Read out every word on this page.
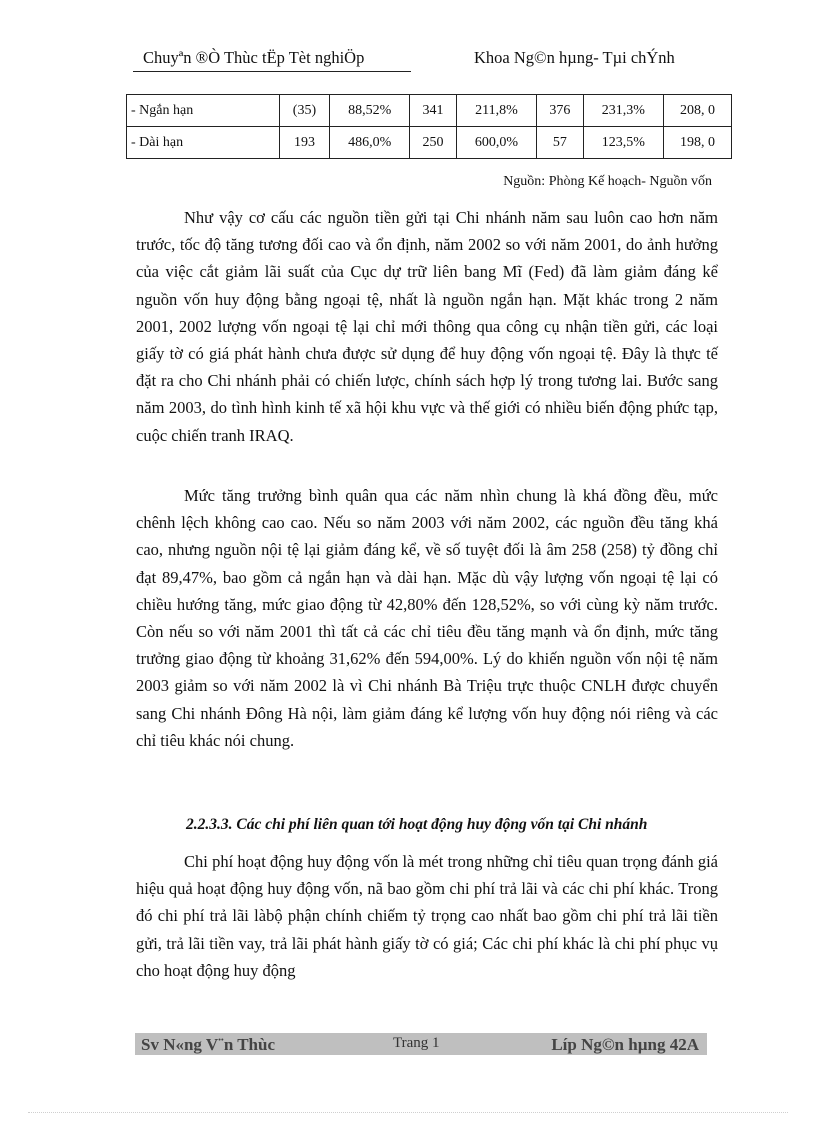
Chuyªn ®Ò Thùc tËp Tèt nghiÖp	Khoa Ng©n hµng- Tµi chÝnh
- Ngắn hạn	(35)	88,52%	341	211,8%	376	231,3%	208, 0
- Dài hạn	193	486,0%	250	600,0%	57	123,5%	198, 0
Nguồn: Phòng Kế hoạch- Nguồn vốn

Như vậy cơ cấu các nguồn tiền gửi tại Chi nhánh năm sau luôn cao hơn năm trước, tốc độ tăng tương đối cao và ổn định, năm 2002 so với năm 2001, do ảnh hưởng của việc cắt giảm lãi suất của Cục dự trữ liên bang Mĩ (Fed) đã làm giảm đáng kể nguồn vốn huy động bằng ngoại tệ, nhất là nguồn ngắn hạn. Mặt khác trong 2 năm 2001, 2002 lượng vốn ngoại tệ lại chỉ mới thông qua công cụ nhận tiền gửi, các loại giấy tờ có giá phát hành chưa được sử dụng để huy động vốn ngoại tệ. Đây là thực tế đặt ra cho Chi nhánh phải có chiến lược, chính sách hợp lý trong tương lai. Bước sang năm 2003, do tình hình kinh tế xã hội khu vực và thế giới có nhiều biến động phức tạp, cuộc chiến tranh IRAQ.

Mức tăng trưởng bình quân qua các năm nhìn chung là khá đồng đều, mức chênh lệch không cao cao. Nếu so năm 2003 với năm 2002, các nguồn đều tăng khá cao, nhưng nguồn nội tệ lại giảm đáng kể, về số tuyệt đối là âm 258 (258) tỷ đồng chỉ đạt 89,47%, bao gồm cả ngắn hạn và dài hạn. Mặc dù vậy lượng vốn ngoại tệ lại có chiều hướng tăng, mức giao động từ 42,80% đến 128,52%, so với cùng kỳ năm trước. Còn nếu so với năm 2001 thì tất cả các chỉ tiêu đều tăng mạnh và ổn định, mức tăng trưởng giao động từ khoảng 31,62% đến 594,00%. Lý do khiến nguồn vốn nội tệ năm 2003 giảm so với năm 2002 là vì Chi nhánh Bà Triệu trực thuộc CNLH được chuyển sang Chi nhánh Đông Hà nội, làm giảm đáng kể lượng vốn huy động nói riêng và các chỉ tiêu khác nói chung.

2.2.3.3. Các chi phí liên quan tới hoạt động huy động vốn tại Chi nhánh

Chi phí hoạt động huy động vốn là mét trong những chỉ tiêu quan trọng đánh giá hiệu quả hoạt động huy động vốn, nã bao gồm chi phí trả lãi và các chi phí khác. Trong đó chi phí trả lãi làbộ phận chính chiếm tỷ trọng cao nhất bao gồm chi phí trả lãi tiền gửi, trả lãi tiền vay, trả lãi phát hành giấy tờ có giá; Các chi phí khác là chi phí phục vụ cho hoạt động huy động

Sv N«ng V¨n Thùc	Trang 1	Líp Ng©n hµng 42A
